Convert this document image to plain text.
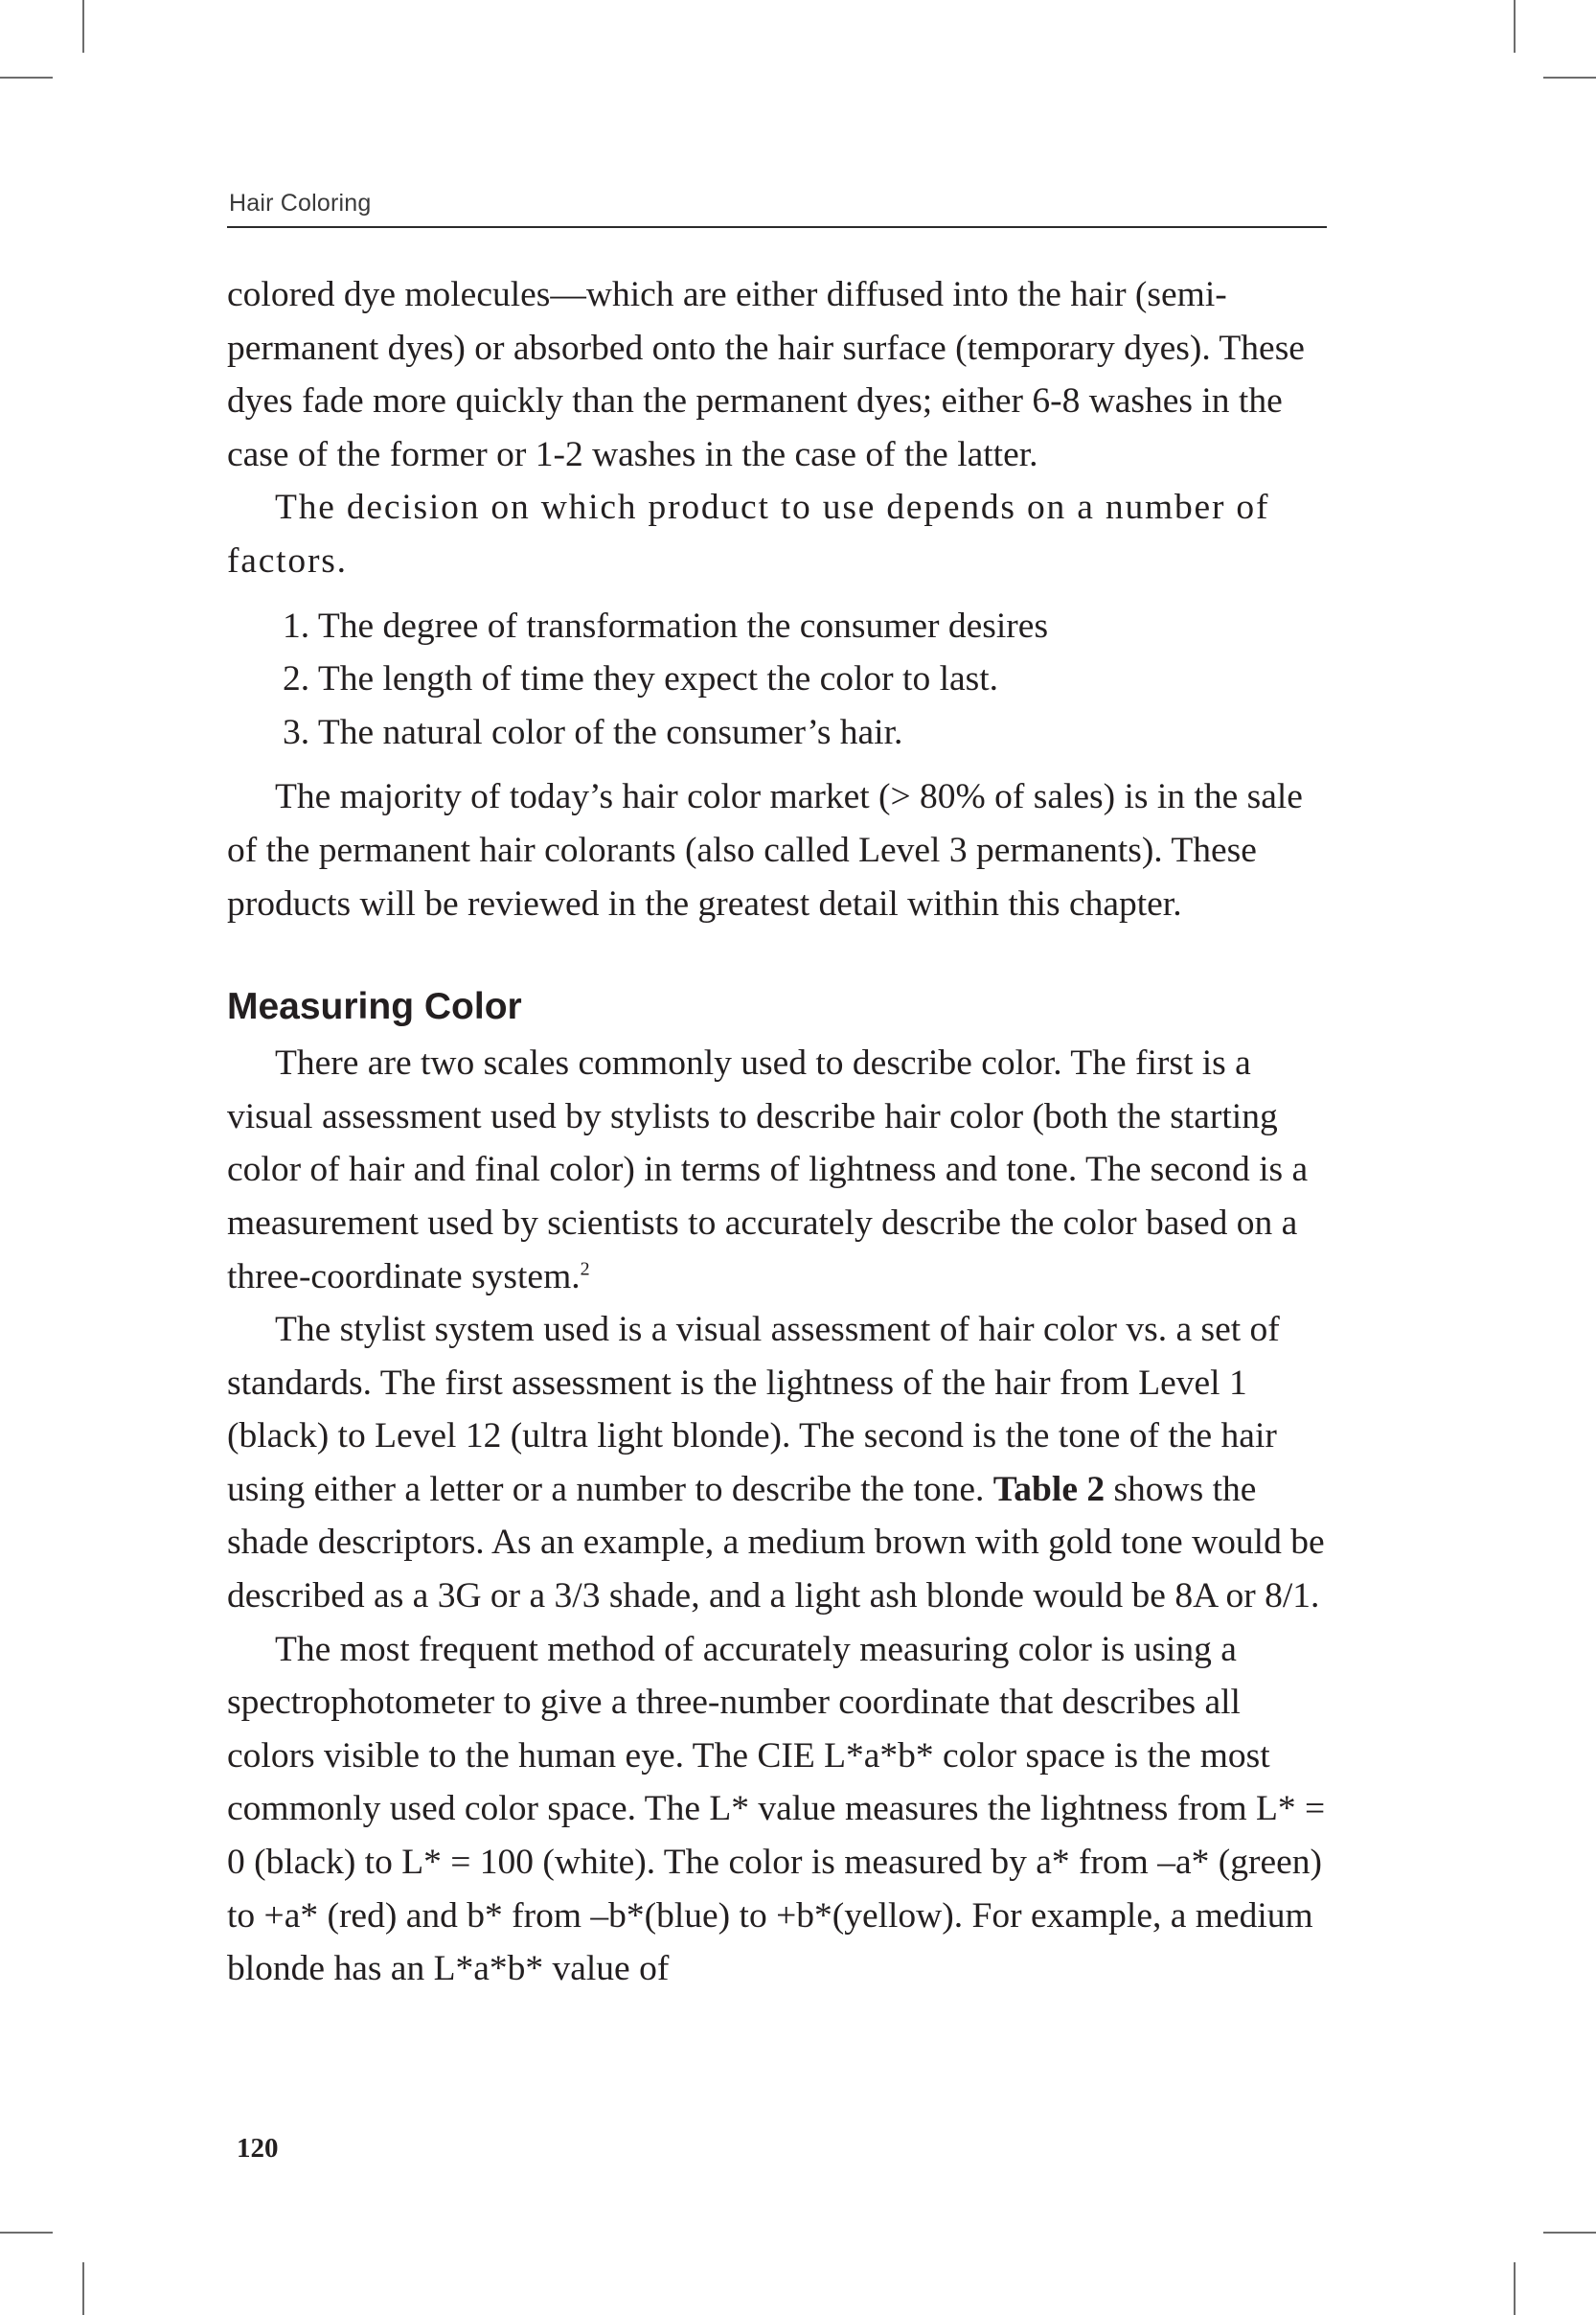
Hair Coloring

colored dye molecules—which are either diffused into the hair (semi-permanent dyes) or absorbed onto the hair surface (temporary dyes). These dyes fade more quickly than the permanent dyes; either 6-8 washes in the case of the former or 1-2 washes in the case of the latter.

The decision on which product to use depends on a number of factors.

1. The degree of transformation the consumer desires
2. The length of time they expect the color to last.
3. The natural color of the consumer’s hair.

The majority of today’s hair color market (> 80% of sales) is in the sale of the permanent hair colorants (also called Level 3 permanents). These products will be reviewed in the greatest detail within this chapter.

Measuring Color

There are two scales commonly used to describe color. The first is a visual assessment used by stylists to describe hair color (both the starting color of hair and final color) in terms of lightness and tone. The second is a measurement used by scientists to accurately describe the color based on a three-coordinate system.$^2$

The stylist system used is a visual assessment of hair color vs. a set of standards. The first assessment is the lightness of the hair from Level 1 (black) to Level 12 (ultra light blonde). The second is the tone of the hair using either a letter or a number to describe the tone. Table 2 shows the shade descriptors. As an example, a medium brown with gold tone would be described as a 3G or a 3/3 shade, and a light ash blonde would be 8A or 8/1.

The most frequent method of accurately measuring color is using a spectrophotometer to give a three-number coordinate that describes all colors visible to the human eye. The CIE L*a*b* color space is the most commonly used color space. The L* value measures the lightness from L* = 0 (black) to L* = 100 (white). The color is measured by a* from –a* (green) to +a* (red) and b* from –b*(blue) to +b*(yellow). For example, a medium blonde has an L*a*b* value of

120
